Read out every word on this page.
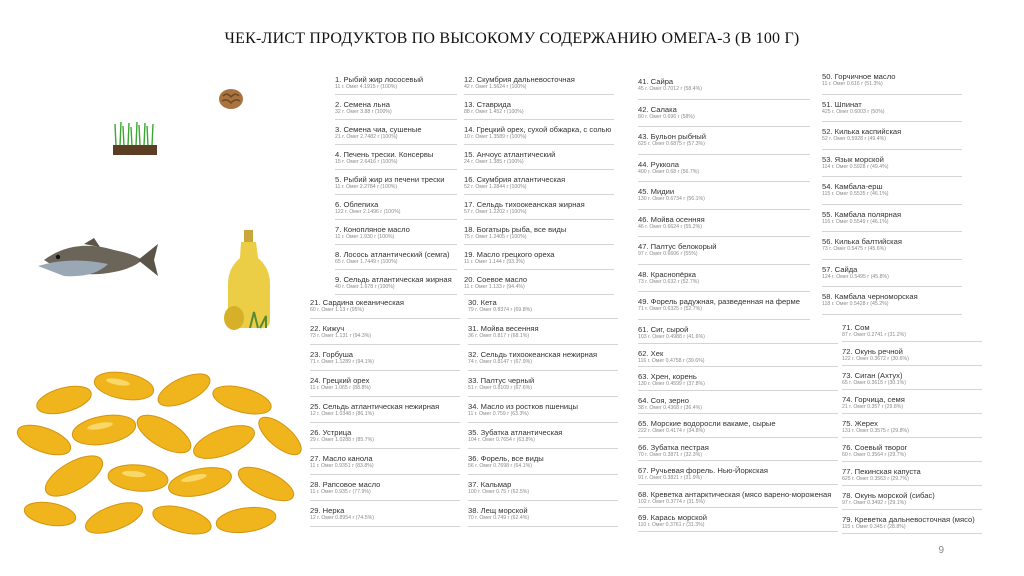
ЧЕК-ЛИСТ ПРОДУКТОВ ПО ВЫСОКОМУ СОДЕРЖАНИЮ ОМЕГА-3 (В 100 Г)
1. Рыбий жир лососевый
11 г. Омег 4.1915 г (100%)
2. Семена льна
32 г. Омег 3.88 г (100%)
3. Семена чиа, сушеные
21 г. Омег 2.7482 г (100%)
4. Печень трески. Консервы
15 г. Омег 2.6416 г (100%)
5. Рыбий жир из печени трески
11 г. Омег 2.2784 г (100%)
6. Облепиха
122 г. Омег 2.1496 г (100%)
7. Конопляное масло
11 г. Омег 1.930 г (100%)
8. Лосось атлантический (семга)
65 г. Омег 1.7449 г (100%)
9. Сельдь атлантическая жирная
40 г. Омег 1.678 г (100%)
12. Скумбрия дальневосточная
42 г. Омег 1.5624 г (100%)
13. Ставрида
88 г. Омег 1.452 г (100%)
14. Грецкий орех, сухой обжарка, с солью
10 г. Омег 1.3589 г (100%)
15. Анчоус атлантический
24 г. Омег 1.385 г (100%)
16. Скумбрия атлантическая
52 г. Омег 1.2844 г (100%)
17. Сельдь тихоокеанская жирная
57 г. Омег 1.2202 г (100%)
18. Богатырь рыба, все виды
75 г. Омег 1.2405 г (100%)
19. Масло грецкого ореха
11 г. Омег 1.144 г (93.3%)
20. Соевое масло
11 г. Омег 1.133 г (94.4%)
21. Сардина океаническая
60 г. Омег 1.13 г (95%)
22. Кижуч
73 г. Омег 1.131 г (94.3%)
23. Горбуша
71 г. Омег 1.1289 г (94.1%)
24. Грецкий орех
11 г. Омег 1.065 г (88.8%)
25. Сельдь атлантическая нежирная
12 г. Омег 1.0348 г (86.1%)
26. Устрица
29 г. Омег 1.0288 г (85.7%)
27. Масло канола
11 г. Омег 0.9351 г (83.8%)
28. Рапсовое масло
11 г. Омег 0.935 г (77.9%)
29. Нерка
12 г. Омег 0.8954 г (74.5%)
30. Кета
79 г. Омег 0.8374 г (69.8%)
31. Мойва весенняя
36 г. Омег 0.817 г (68.1%)
32. Сельдь тихоокеанская нежирная
74 г. Омег 0.8147 г (67.9%)
33. Палтус черный
51 г. Омег 0.8109 г (67.6%)
34. Масло из ростков пшеницы
11 г. Омег 0.759 г (63.3%)
35. Зубатка атлантическая
104 г. Омег 0.7654 г (63.8%)
36. Форель, все виды
56 г. Омег 0.7698 г (64.1%)
37. Кальмар
100 г. Омег 0.75 г (62.5%)
38. Лещ морской
70 г. Омег 0.749 г (62.4%)
41. Сайра
45 г. Омег 0.7012 г (58.4%)
42. Салака
80 г. Омег 0.696 г (58%)
43. Бульон рыбный
625 г. Омег 0.6875 г (57.3%)
44. Руккола
400 г. Омег 0.68 г (56.7%)
45. Мидии
130 г. Омег 0.6734 г (56.1%)
46. Мойва осенняя
46 г. Омег 0.6624 г (55.2%)
47. Палтус белокорый
97 г. Омег 0.6606 г (55%)
48. Краснопёрка
73 г. Омег 0.632 г (52.7%)
49. Форель радужная, разведенная на ферме
71 г. Омег 0.6325 г (52.7%)
61. Сиг, сырой
103 г. Омег 0.4988 г (41.6%)
62. Хек
116 г. Омег 0.4758 г (39.6%)
63. Хрен, корень
130 г. Омег 0.4599 г (37.8%)
64. Соя, зерно
38 г. Омег 0.4368 г (36.4%)
65. Морские водоросли вакаме, сырые
222 г. Омег 0.4174 г (34.8%)
66. Зубатка пестрая
70 г. Омег 0.3871 г (32.3%)
67. Ручьевая форель. Нью-Йоркская
91 г. Омег 0.3821 г (31.9%)
68. Креветка антарктическая (мясо варено-мороженая
102 г. Омег 0.3774 г (31.5%)
69. Карась морской
110 г. Омег 0.3761 г (31.3%)
50. Горчичное масло
11 г. Омег 0.616 г (51.3%)
51. Шпинат
425 г. Омег 0.6003 г (50%)
52. Килька каспийская
52 г. Омег 0.5928 г (49.4%)
53. Язык морской
114 г. Омег 0.5928 г (49.4%)
54. Камбала-ерш
115 г. Омег 0.5535 г (46.1%)
55. Камбала полярная
116 г. Омег 0.5549 г (46.1%)
56. Килька балтийская
73 г. Омег 0.5475 г (45.6%)
57. Сайда
124 г. Омег 0.5495 г (45.8%)
58. Камбала черноморская
118 г. Омег 0.5428 г (45.2%)
71. Сом
87 г. Омег 0.2741 г (31.2%)
72. Окунь речной
122 г. Омег 0.3672 г (30.6%)
73. Сиган (Ахтух)
65 г. Омег 0.3615 г (30.1%)
74. Горчица, семя
21 г. Омег 0.357 г (29.8%)
75. Жерех
131 г. Омег 0.3575 г (29.8%)
76. Соевый творог
60 г. Омег 0.3564 г (29.7%)
77. Пекинская капуста
625 г. Омег 0.3563 г (29.7%)
78. Окунь морской (сибас)
97 г. Омег 0.3492 г (29.1%)
79. Креветка дальневосточная (мясо)
115 г. Омег 0.345 г (28.8%)
9
